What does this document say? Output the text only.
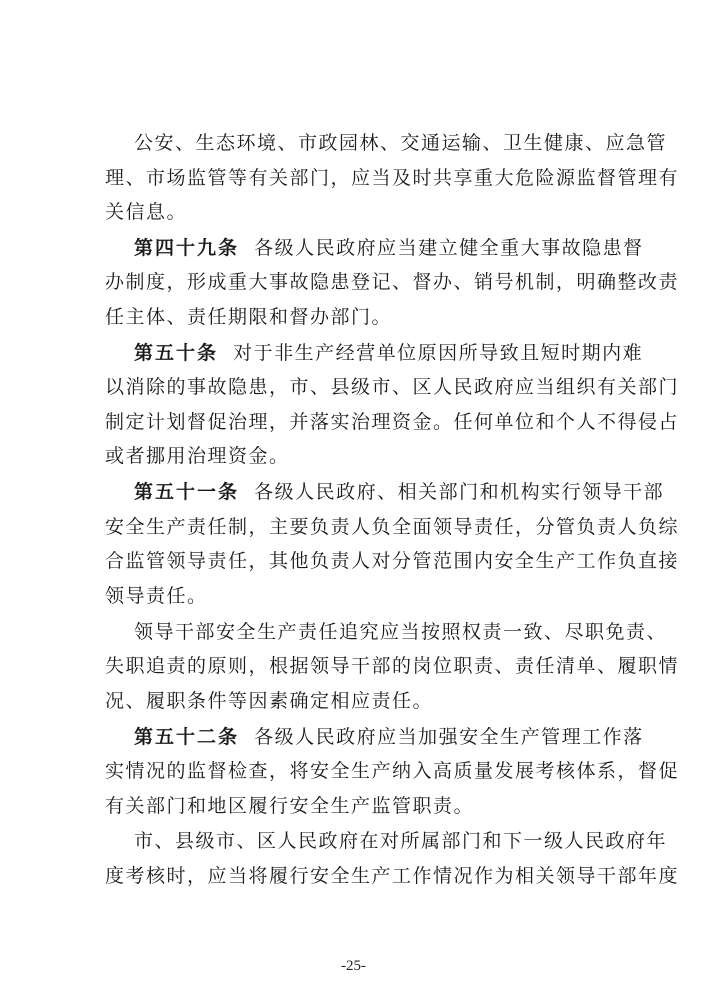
公安、生态环境、市政园林、交通运输、卫生健康、应急管
理、市场监管等有关部门，应当及时共享重大危险源监督管理有
关信息。
第四十九条 各级人民政府应当建立健全重大事故隐患督
办制度，形成重大事故隐患登记、督办、销号机制，明确整改责
任主体、责任期限和督办部门。
第五十条 对于非生产经营单位原因所导致且短时期内难
以消除的事故隐患，市、县级市、区人民政府应当组织有关部门
制定计划督促治理，并落实治理资金。任何单位和个人不得侵占
或者挪用治理资金。
第五十一条 各级人民政府、相关部门和机构实行领导干部
安全生产责任制，主要负责人负全面领导责任，分管负责人负综
合监管领导责任，其他负责人对分管范围内安全生产工作负直接
领导责任。
领导干部安全生产责任追究应当按照权责一致、尽职免责、
失职追责的原则，根据领导干部的岗位职责、责任清单、履职情
况、履职条件等因素确定相应责任。
第五十二条 各级人民政府应当加强安全生产管理工作落
实情况的监督检查，将安全生产纳入高质量发展考核体系，督促
有关部门和地区履行安全生产监管职责。
市、县级市、区人民政府在对所属部门和下一级人民政府年
度考核时，应当将履行安全生产工作情况作为相关领导干部年度
-25-
